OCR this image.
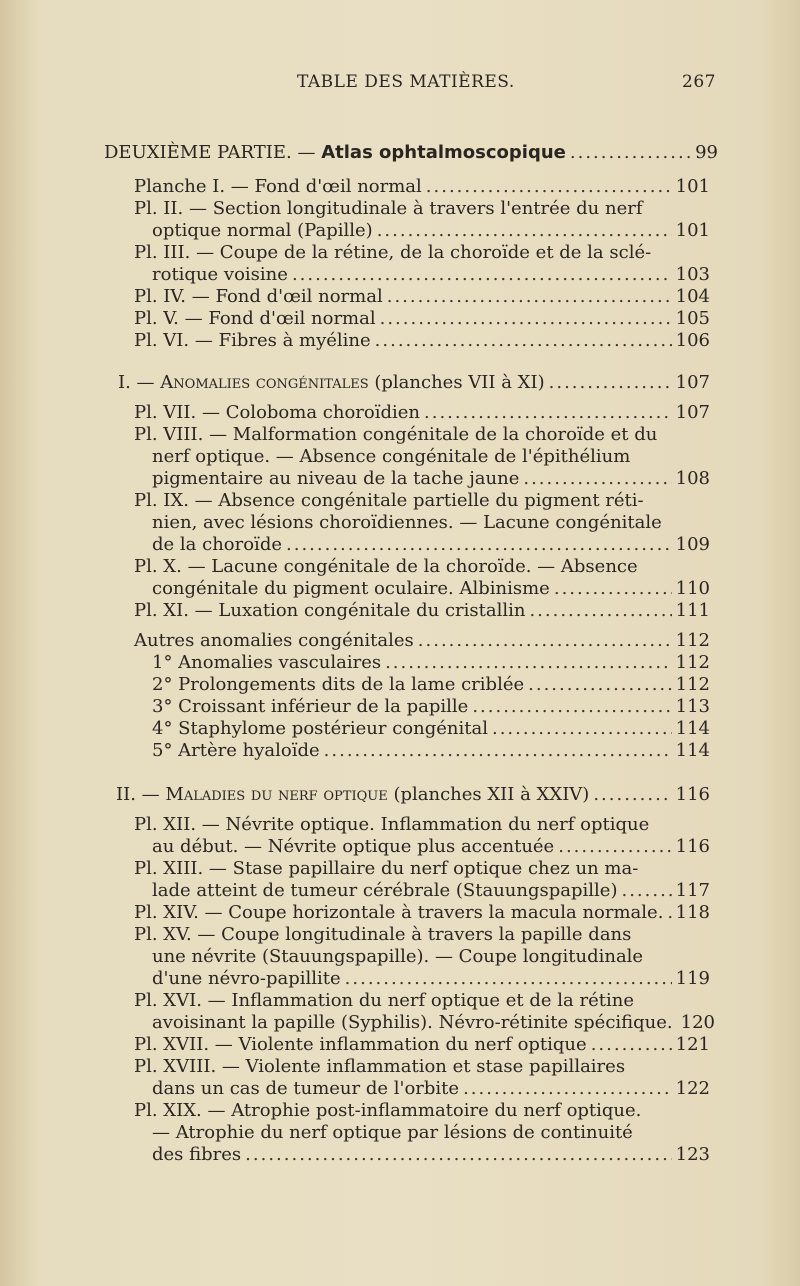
TABLE DES MATIÈRES.	267
DEUXIÈME PARTIE. — Atlas ophtalmoscopique .....	99
Planche I. — Fond d'œil normal .....	101
Pl. II. — Section longitudinale à travers l'entrée du nerf
optique normal (Papille) .....	101
Pl. III. — Coupe de la rétine, de la choroïde et de la sclé-
rotique voisine .....	103
Pl. IV. — Fond d'œil normal .....	104
Pl. V. — Fond d'œil normal .....	105
Pl. VI. — Fibres à myéline .....	106
I. — Anomalies congénitales (planches VII à XI) .....	107
Pl. VII. — Coloboma choroïdien .....	107
Pl. VIII. — Malformation congénitale de la choroïde et du
nerf optique. — Absence congénitale de l'épithélium
pigmentaire au niveau de la tache jaune .....	108
Pl. IX. — Absence congénitale partielle du pigment réti-
nien, avec lésions choroïdiennes. — Lacune congénitale
de la choroïde .....	109
Pl. X. — Lacune congénitale de la choroïde. — Absence
congénitale du pigment oculaire. Albinisme .....	110
Pl. XI. — Luxation congénitale du cristallin .....	111
Autres anomalies congénitales .....	112
1° Anomalies vasculaires .....	112
2° Prolongements dits de la lame criblée .....	112
3° Croissant inférieur de la papille .....	113
4° Staphylome postérieur congénital .....	114
5° Artère hyaloïde .....	114
II. — Maladies du nerf optique (planches XII à XXIV) .....	116
Pl. XII. — Névrite optique. Inflammation du nerf optique
au début. — Névrite optique plus accentuée .....	116
Pl. XIII. — Stase papillaire du nerf optique chez un ma-
lade atteint de tumeur cérébrale (Stauungspapille) .....	117
Pl. XIV. — Coupe horizontale à travers la macula normale. ..... 118
Pl. XV. — Coupe longitudinale à travers la papille dans
une névrite (Stauungspapille). — Coupe longitudinale
d'une névro-papillite .....	119
Pl. XVI. — Inflammation du nerf optique et de la rétine
avoisinant la papille (Syphilis). Névro-rétinite spécifique. 120
Pl. XVII. — Violente inflammation du nerf optique .....	121
Pl. XVIII. — Violente inflammation et stase papillaires
dans un cas de tumeur de l'orbite .....	122
Pl. XIX. — Atrophie post-inflammatoire du nerf optique.
— Atrophie du nerf optique par lésions de continuité
des fibres .....	123
